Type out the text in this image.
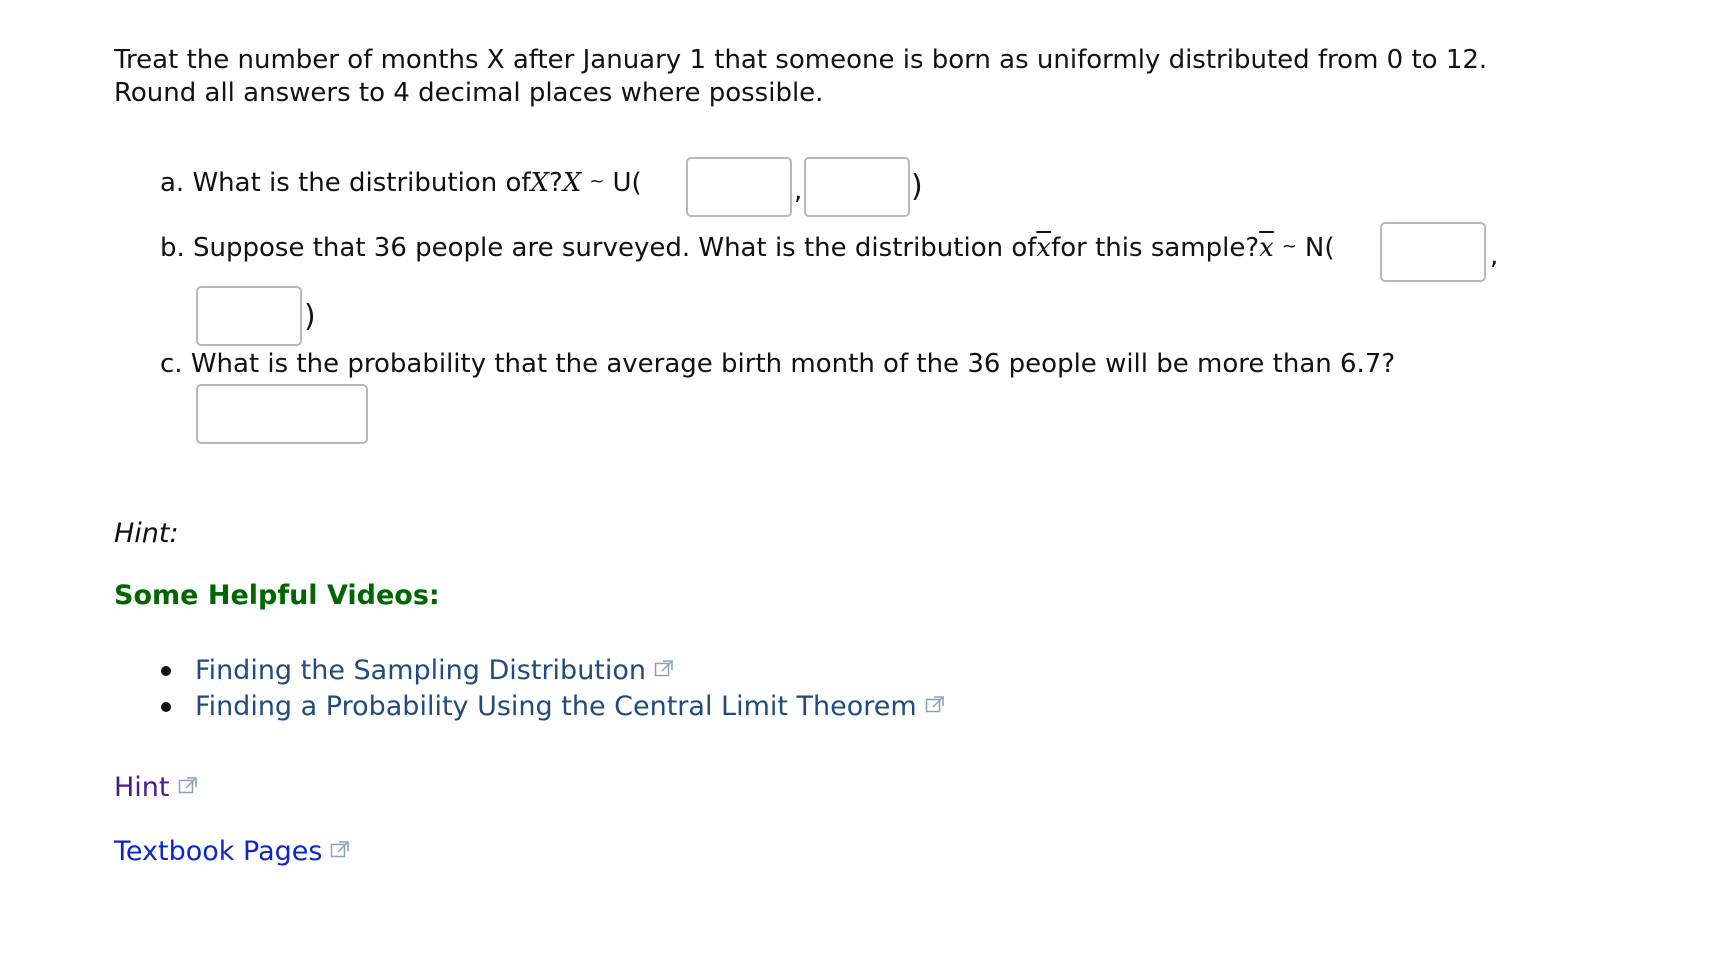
Treat the number of months X after January 1 that someone is born as uniformly distributed from 0 to 12.
Round all answers to 4 decimal places where possible.
a. What is the distribution of X ? X ~ U(	,	)
b. Suppose that 36 people are surveyed. What is the distribution of $\overline{x}$ for this sample? $\overline{x}$ ~ N(	,
)
c. What is the probability that the average birth month of the 36 people will be more than 6.7?
Hint:
Some Helpful Videos:
Finding the Sampling Distribution
Finding a Probability Using the Central Limit Theorem
Hint
Textbook Pages
